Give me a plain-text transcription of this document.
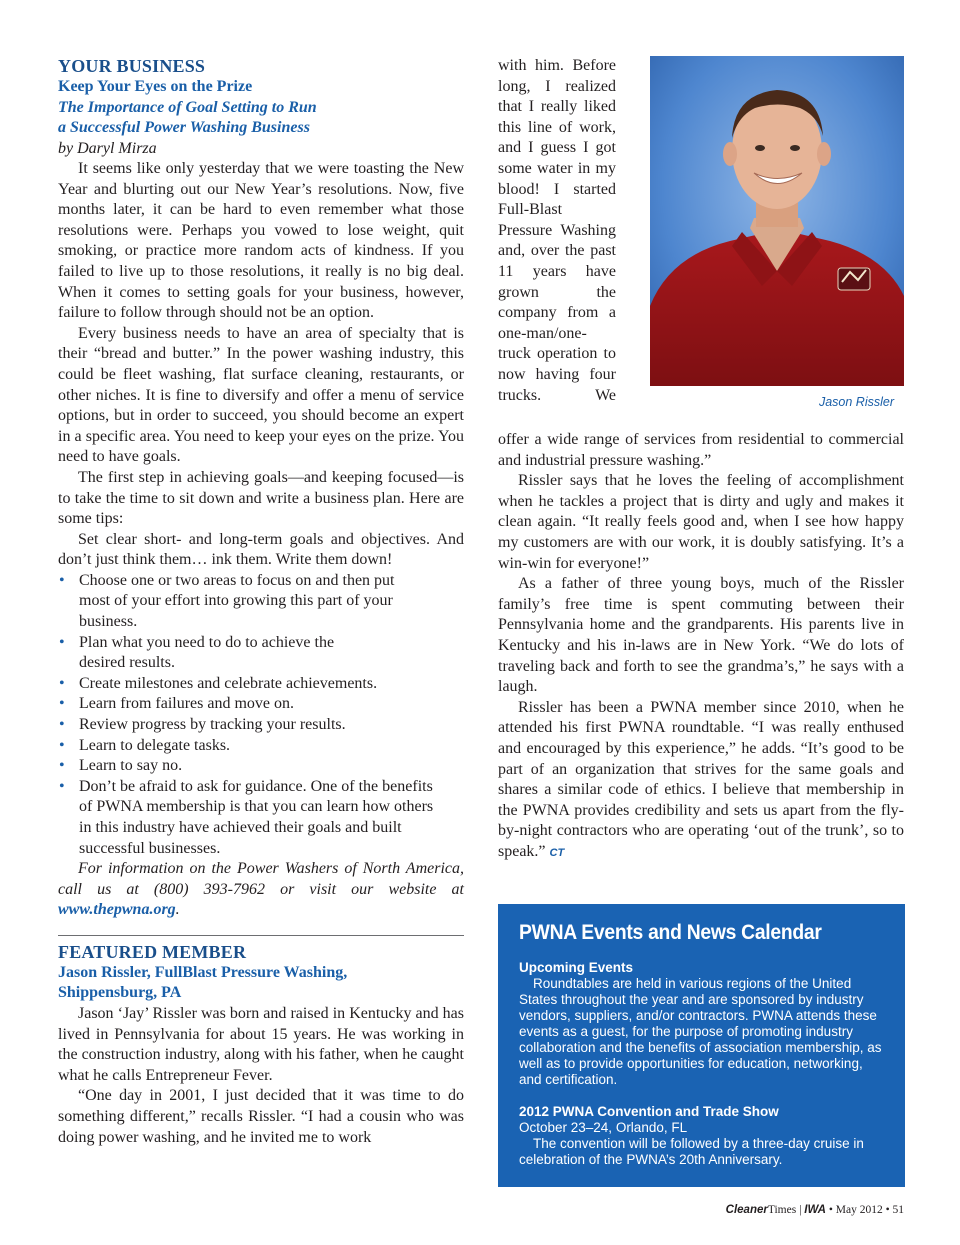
YOUR BUSINESS
Keep Your Eyes on the Prize
The Importance of Goal Setting to Run
a Successful Power Washing Business
by Daryl Mirza

It seems like only yesterday that we were toasting the New Year and blurting out our New Year’s resolutions. Now, five months later, it can be hard to even remember what those resolutions were. Perhaps you vowed to lose weight, quit smoking, or practice more random acts of kindness. If you failed to live up to those resolutions, it really is no big deal. When it comes to setting goals for your business, however, failure to follow through should not be an option.

Every business needs to have an area of specialty that is their “bread and butter.” In the power washing industry, this could be fleet washing, flat surface cleaning, restaurants, or other niches. It is fine to diversify and offer a menu of service options, but in order to succeed, you should become an expert in a specific area. You need to keep your eyes on the prize. You need to have goals.

The first step in achieving goals—and keeping focused—is to take the time to sit down and write a business plan. Here are some tips:

Set clear short- and long-term goals and objectives. And don’t just think them… ink them. Write them down!

• Choose one or two areas to focus on and then put most of your effort into growing this part of your business.
• Plan what you need to do to achieve the desired results.
• Create milestones and celebrate achievements.
• Learn from failures and move on.
• Review progress by tracking your results.
• Learn to delegate tasks.
• Learn to say no.
• Don’t be afraid to ask for guidance. One of the benefits of PWNA membership is that you can learn how others in this industry have achieved their goals and built successful businesses.

For information on the Power Washers of North America, call us at (800) 393-7962 or visit our website at www.thepwna.org.

FEATURED MEMBER
Jason Rissler, FullBlast Pressure Washing,
Shippensburg, PA

Jason ‘Jay’ Rissler was born and raised in Kentucky and has lived in Pennsylvania for about 15 years. He was working in the construction industry, along with his father, when he caught what he calls Entrepreneur Fever.

“One day in 2001, I just decided that it was time to do something different,” recalls Rissler. “I had a cousin who was doing power washing, and he invited me to work

with him. Before long, I realized that I really liked this line of work, and I guess I got some water in my blood! I started Full-Blast Pressure Washing and, over the past 11 years have grown the company from a one-man/one-truck operation to now having four trucks. We	Jason Rissler

offer a wide range of services from residential to commercial and industrial pressure washing.”

Rissler says that he loves the feeling of accomplishment when he tackles a project that is dirty and ugly and makes it clean again. “It really feels good and, when I see how happy my customers are with our work, it is doubly satisfying. It’s a win-win for everyone!”

As a father of three young boys, much of the Rissler family’s free time is spent commuting between their Pennsylvania home and the grandparents. His parents live in Kentucky and his in-laws are in New York. “We do lots of traveling back and forth to see the grandma’s,” he says with a laugh.

Rissler has been a PWNA member since 2010, when he attended his first PWNA roundtable. “I was really enthused and encouraged by this experience,” he adds. “It’s good to be part of an organization that strives for the same goals and shares a similar code of ethics. I believe that membership in the PWNA provides credibility and sets us apart from the fly-by-night contractors who are operating ‘out of the trunk’, so to speak.” CT

PWNA Events and News Calendar
Upcoming Events

Roundtables are held in various regions of the United States throughout the year and are sponsored by industry vendors, suppliers, and/or contractors. PWNA attends these events as a guest, for the purpose of promoting industry collaboration and the benefits of association membership, as well as to provide opportunities for education, networking, and certification.

2012 PWNA Convention and Trade Show
October 23–24, Orlando, FL

The convention will be followed by a three-day cruise in celebration of the PWNA’s 20th Anniversary.

CleanerTimes | IWA • May 2012 • 51
